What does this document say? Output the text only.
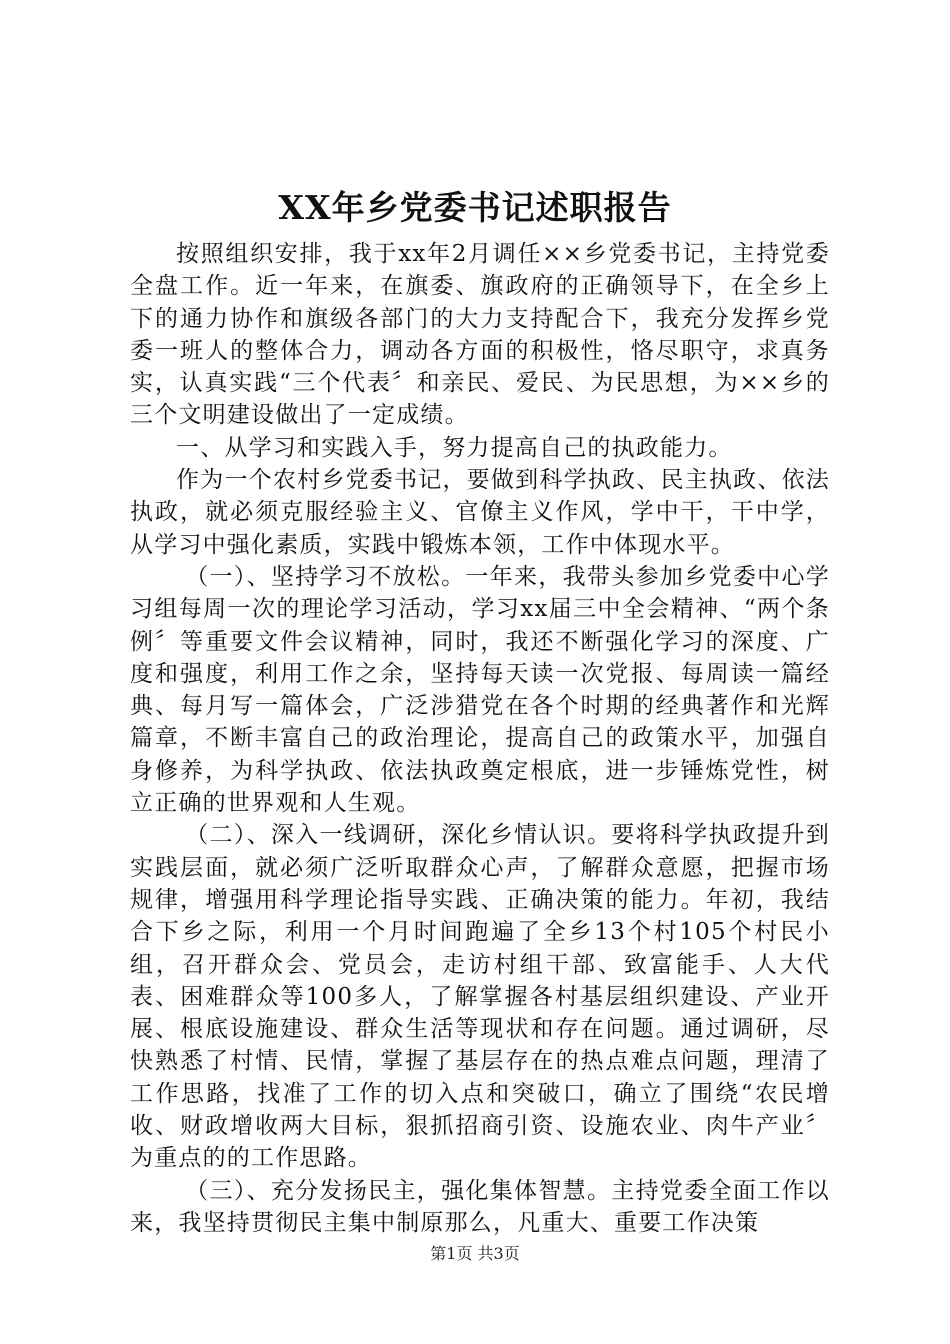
XX年乡党委书记述职报告

按照组织安排，我于xx年2月调任××乡党委书记，主持党委全盘工作。近一年来，在旗委、旗政府的正确领导下，在全乡上下的通力协作和旗级各部门的大力支持配合下，我充分发挥乡党委一班人的整体合力，调动各方面的积极性，恪尽职守，求真务实，认真实践“三个代表〞和亲民、爱民、为民思想，为××乡的三个文明建设做出了一定成绩。

一、从学习和实践入手，努力提高自己的执政能力。

作为一个农村乡党委书记，要做到科学执政、民主执政、依法执政，就必须克服经验主义、官僚主义作风，学中干，干中学，从学习中强化素质，实践中锻炼本领，工作中体现水平。

（一）、坚持学习不放松。一年来，我带头参加乡党委中心学习组每周一次的理论学习活动，学习xx届三中全会精神、“两个条例〞等重要文件会议精神，同时，我还不断强化学习的深度、广度和强度，利用工作之余，坚持每天读一次党报、每周读一篇经典、每月写一篇体会，广泛涉猎党在各个时期的经典著作和光辉篇章，不断丰富自己的政治理论，提高自己的政策水平，加强自身修养，为科学执政、依法执政奠定根底，进一步锤炼党性，树立正确的世界观和人生观。

（二）、深入一线调研，深化乡情认识。要将科学执政提升到实践层面，就必须广泛听取群众心声，了解群众意愿，把握市场规律，增强用科学理论指导实践、正确决策的能力。年初，我结合下乡之际，利用一个月时间跑遍了全乡13个村105个村民小组，召开群众会、党员会，走访村组干部、致富能手、人大代表、困难群众等100多人，了解掌握各村基层组织建设、产业开展、根底设施建设、群众生活等现状和存在问题。通过调研，尽快熟悉了村情、民情，掌握了基层存在的热点难点问题，理清了工作思路，找准了工作的切入点和突破口，确立了围绕“农民增收、财政增收两大目标，狠抓招商引资、设施农业、肉牛产业〞为重点的的工作思路。

（三）、充分发扬民主，强化集体智慧。主持党委全面工作以来，我坚持贯彻民主集中制原那么，凡重大、重要工作决策

第1页 共3页
